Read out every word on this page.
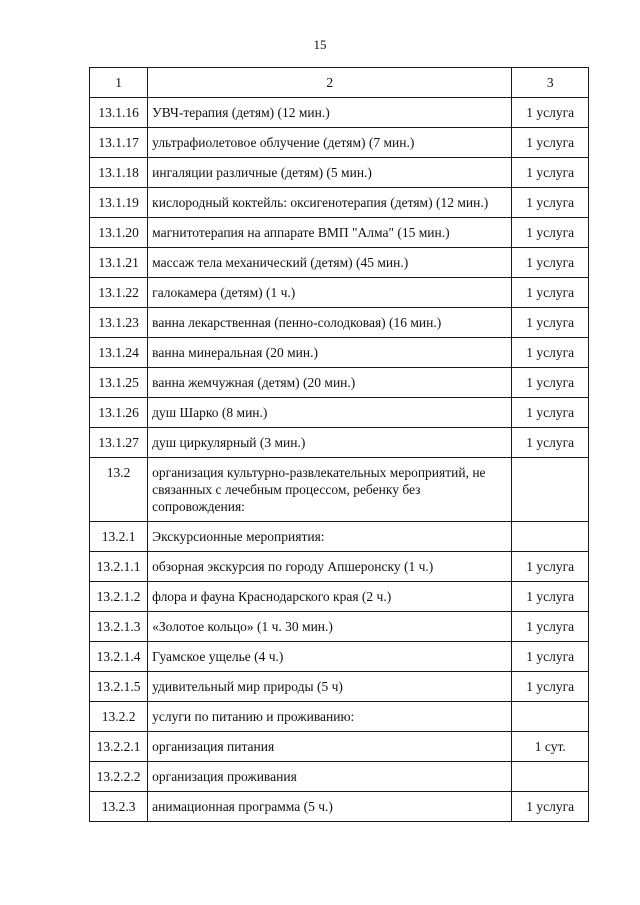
15
1	2	3
13.1.16	УВЧ-терапия (детям) (12 мин.)	1 услуга
13.1.17	ультрафиолетовое облучение (детям) (7 мин.)	1 услуга
13.1.18	ингаляции различные (детям) (5 мин.)	1 услуга
13.1.19	кислородный коктейль: оксигенотерапия (детям) (12 мин.)	1 услуга
13.1.20	магнитотерапия на аппарате ВМП "Алма" (15 мин.)	1 услуга
13.1.21	массаж тела механический (детям) (45 мин.)	1 услуга
13.1.22	галокамера (детям) (1 ч.)	1 услуга
13.1.23	ванна лекарственная (пенно-солодковая) (16 мин.)	1 услуга
13.1.24	ванна минеральная (20 мин.)	1 услуга
13.1.25	ванна жемчужная (детям) (20 мин.)	1 услуга
13.1.26	душ Шарко (8 мин.)	1 услуга
13.1.27	душ циркулярный (3 мин.)	1 услуга
13.2	организация культурно-развлекательных мероприятий, не связанных с лечебным процессом, ребенку без сопровождения:	
13.2.1	Экскурсионные мероприятия:	
13.2.1.1	обзорная экскурсия по городу Апшеронску (1 ч.)	1 услуга
13.2.1.2	флора и фауна Краснодарского края (2 ч.)	1 услуга
13.2.1.3	«Золотое кольцо» (1 ч. 30 мин.)	1 услуга
13.2.1.4	Гуамское ущелье (4 ч.)	1 услуга
13.2.1.5	удивительный мир природы (5 ч)	1 услуга
13.2.2	услуги по питанию и проживанию:	
13.2.2.1	организация питания	1 сут.
13.2.2.2	организация проживания	
13.2.3	анимационная программа (5 ч.)	1 услуга
